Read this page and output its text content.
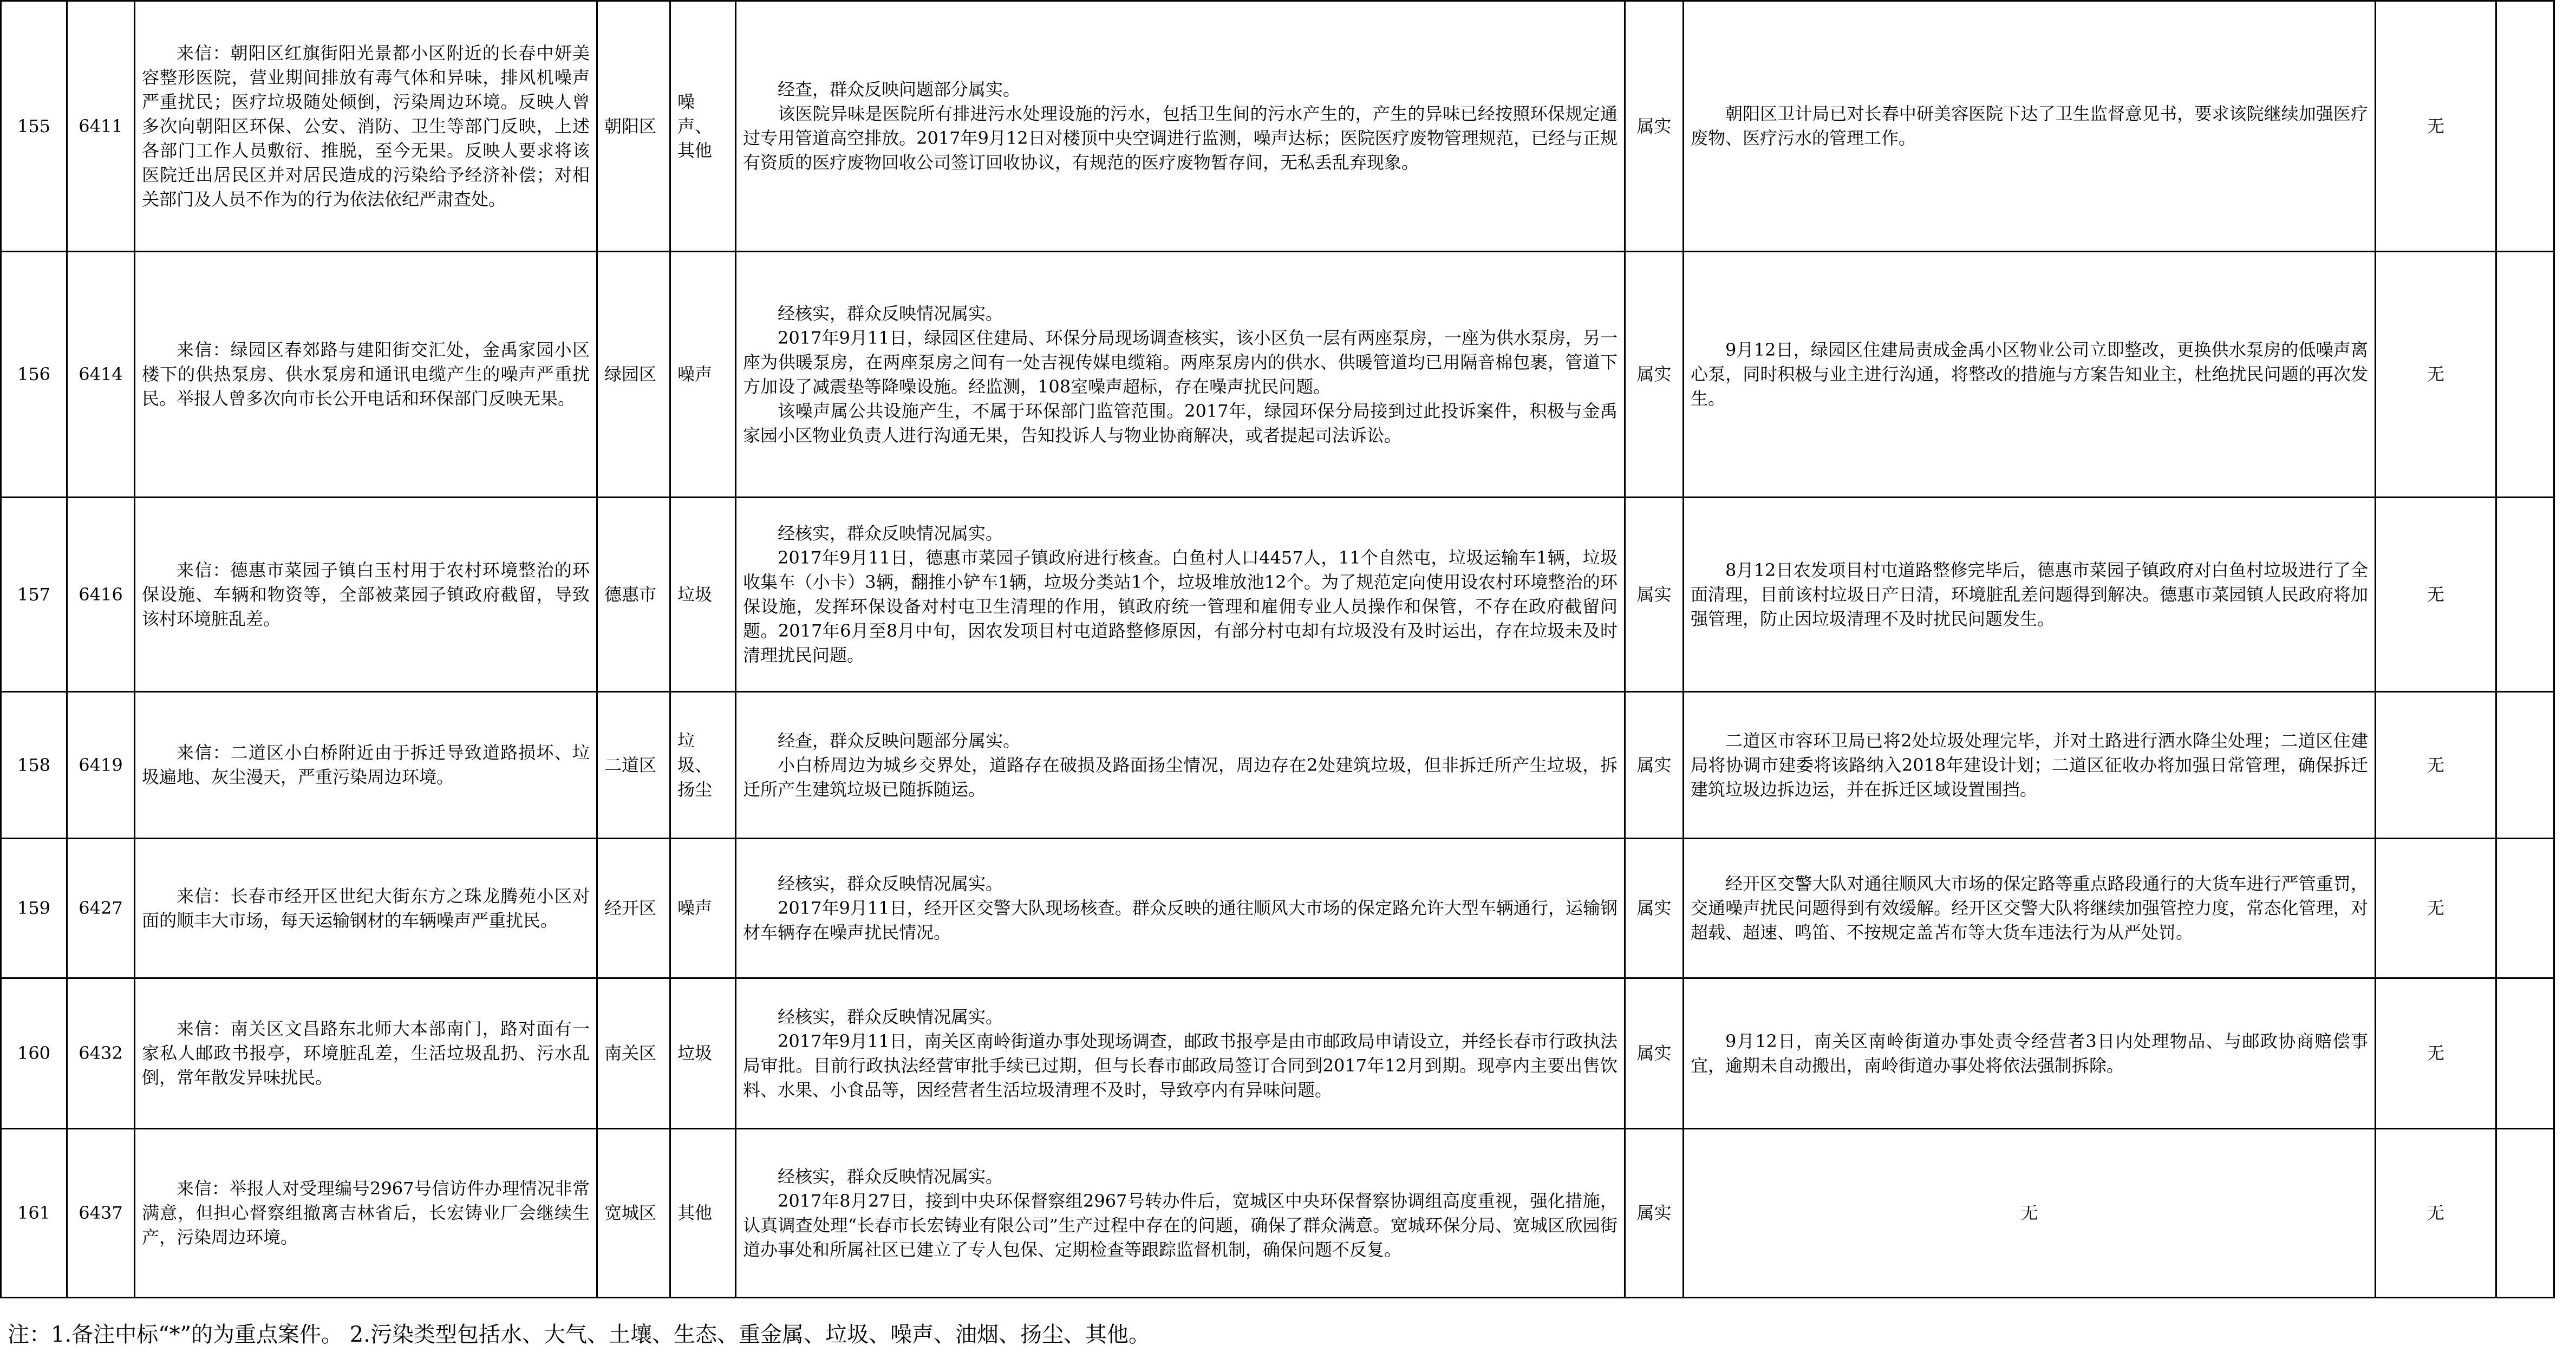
155	6411	来信：朝阳区红旗街阳光景都小区附近的长春中妍美容整形医院，营业期间排放有毒气体和异味，排风机噪声严重扰民；医疗垃圾随处倾倒，污染周边环境。反映人曾多次向朝阳区环保、公安、消防、卫生等部门反映，上述各部门工作人员敷衍、推脱，至今无果。反映人要求将该医院迁出居民区并对居民造成的污染给予经济补偿；对相关部门及人员不作为的行为依法依纪严肃查处。	朝阳区	噪声、其他	经查，群众反映问题部分属实。

该医院异味是医院所有排进污水处理设施的污水，包括卫生间的污水产生的，产生的异味已经按照环保规定通过专用管道高空排放。2017年9月12日对楼顶中央空调进行监测，噪声达标；医院医疗废物管理规范，已经与正规有资质的医疗废物回收公司签订回收协议，有规范的医疗废物暂存间，无私丢乱弃现象。	属实	朝阳区卫计局已对长春中研美容医院下达了卫生监督意见书，要求该院继续加强医疗废物、医疗污水的管理工作。	无	
156	6414	来信：绿园区春郊路与建阳街交汇处，金禹家园小区楼下的供热泵房、供水泵房和通讯电缆产生的噪声严重扰民。举报人曾多次向市长公开电话和环保部门反映无果。	绿园区	噪声	经核实，群众反映情况属实。

2017年9月11日，绿园区住建局、环保分局现场调查核实，该小区负一层有两座泵房，一座为供水泵房，另一座为供暖泵房，在两座泵房之间有一处吉视传媒电缆箱。两座泵房内的供水、供暖管道均已用隔音棉包裹，管道下方加设了减震垫等降噪设施。经监测，108室噪声超标，存在噪声扰民问题。

该噪声属公共设施产生，不属于环保部门监管范围。2017年，绿园环保分局接到过此投诉案件，积极与金禹家园小区物业负责人进行沟通无果，告知投诉人与物业协商解决，或者提起司法诉讼。	属实	9月12日，绿园区住建局责成金禹小区物业公司立即整改，更换供水泵房的低噪声离心泵，同时积极与业主进行沟通，将整改的措施与方案告知业主，杜绝扰民问题的再次发生。	无	
157	6416	来信：德惠市菜园子镇白玉村用于农村环境整治的环保设施、车辆和物资等，全部被菜园子镇政府截留，导致该村环境脏乱差。	德惠市	垃圾	经核实，群众反映情况属实。

2017年9月11日，德惠市菜园子镇政府进行核查。白鱼村人口4457人，11个自然屯，垃圾运输车1辆，垃圾收集车（小卡）3辆，翻推小铲车1辆，垃圾分类站1个，垃圾堆放池12个。为了规范定向使用设农村环境整治的环保设施，发挥环保设备对村屯卫生清理的作用，镇政府统一管理和雇佣专业人员操作和保管，不存在政府截留问题。2017年6月至8月中旬，因农发项目村屯道路整修原因，有部分村屯却有垃圾没有及时运出，存在垃圾未及时清理扰民问题。	属实	8月12日农发项目村屯道路整修完毕后，德惠市菜园子镇政府对白鱼村垃圾进行了全面清理，目前该村垃圾日产日清，环境脏乱差问题得到解决。德惠市菜园镇人民政府将加强管理，防止因垃圾清理不及时扰民问题发生。	无	
158	6419	来信：二道区小白桥附近由于拆迁导致道路损坏、垃圾遍地、灰尘漫天，严重污染周边环境。	二道区	垃圾、扬尘	经查，群众反映问题部分属实。

小白桥周边为城乡交界处，道路存在破损及路面扬尘情况，周边存在2处建筑垃圾，但非拆迁所产生垃圾，拆迁所产生建筑垃圾已随拆随运。	属实	二道区市容环卫局已将2处垃圾处理完毕，并对土路进行洒水降尘处理；二道区住建局将协调市建委将该路纳入2018年建设计划；二道区征收办将加强日常管理，确保拆迁建筑垃圾边拆边运，并在拆迁区域设置围挡。	无	
159	6427	来信：长春市经开区世纪大街东方之珠龙腾苑小区对面的顺丰大市场，每天运输钢材的车辆噪声严重扰民。	经开区	噪声	经核实，群众反映情况属实。

2017年9月11日，经开区交警大队现场核查。群众反映的通往顺风大市场的保定路允许大型车辆通行，运输钢材车辆存在噪声扰民情况。	属实	经开区交警大队对通往顺风大市场的保定路等重点路段通行的大货车进行严管重罚，交通噪声扰民问题得到有效缓解。经开区交警大队将继续加强管控力度，常态化管理，对超载、超速、鸣笛、不按规定盖苫布等大货车违法行为从严处罚。	无	
160	6432	来信：南关区文昌路东北师大本部南门，路对面有一家私人邮政书报亭，环境脏乱差，生活垃圾乱扔、污水乱倒，常年散发异味扰民。	南关区	垃圾	经核实，群众反映情况属实。

2017年9月11日，南关区南岭街道办事处现场调查，邮政书报亭是由市邮政局申请设立，并经长春市行政执法局审批。目前行政执法经营审批手续已过期，但与长春市邮政局签订合同到2017年12月到期。现亭内主要出售饮料、水果、小食品等，因经营者生活垃圾清理不及时，导致亭内有异味问题。	属实	9月12日，南关区南岭街道办事处责令经营者3日内处理物品、与邮政协商赔偿事宜，逾期未自动搬出，南岭街道办事处将依法强制拆除。	无	
161	6437	来信：举报人对受理编号2967号信访件办理情况非常满意，但担心督察组撤离吉林省后，长宏铸业厂会继续生产，污染周边环境。	宽城区	其他	经核实，群众反映情况属实。

2017年8月27日，接到中央环保督察组2967号转办件后，宽城区中央环保督察协调组高度重视，强化措施，认真调查处理“长春市长宏铸业有限公司”生产过程中存在的问题，确保了群众满意。宽城环保分局、宽城区欣园街道办事处和所属社区已建立了专人包保、定期检查等跟踪监督机制，确保问题不反复。	属实	无	无	
注：1.备注中标“*”的为重点案件。 2.污染类型包括水、大气、土壤、生态、重金属、垃圾、噪声、油烟、扬尘、其他。
